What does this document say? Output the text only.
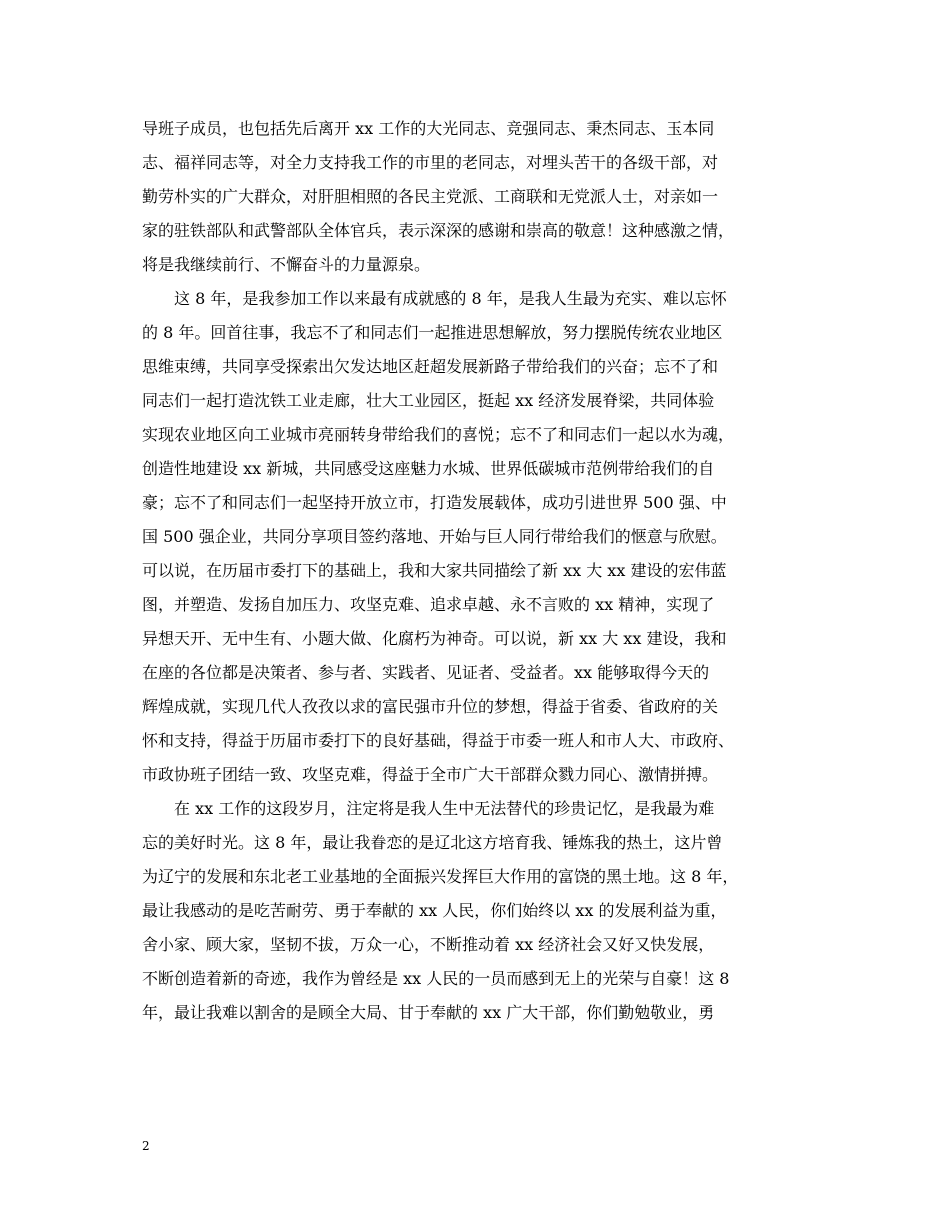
导班子成员，也包括先后离开 xx 工作的大光同志、竞强同志、秉杰同志、玉本同
志、福祥同志等，对全力支持我工作的市里的老同志，对埋头苦干的各级干部，对
勤劳朴实的广大群众，对肝胆相照的各民主党派、工商联和无党派人士，对亲如一
家的驻铁部队和武警部队全体官兵，表示深深的感谢和崇高的敬意！这种感激之情，
将是我继续前行、不懈奋斗的力量源泉。
　　这 8 年，是我参加工作以来最有成就感的 8 年，是我人生最为充实、难以忘怀
的 8 年。回首往事，我忘不了和同志们一起推进思想解放，努力摆脱传统农业地区
思维束缚，共同享受探索出欠发达地区赶超发展新路子带给我们的兴奋；忘不了和
同志们一起打造沈铁工业走廊，壮大工业园区，挺起 xx 经济发展脊梁，共同体验
实现农业地区向工业城市亮丽转身带给我们的喜悦；忘不了和同志们一起以水为魂，
创造性地建设 xx 新城，共同感受这座魅力水城、世界低碳城市范例带给我们的自
豪；忘不了和同志们一起坚持开放立市，打造发展载体，成功引进世界 500 强、中
国 500 强企业，共同分享项目签约落地、开始与巨人同行带给我们的惬意与欣慰。
可以说，在历届市委打下的基础上，我和大家共同描绘了新 xx 大 xx 建设的宏伟蓝
图，并塑造、发扬自加压力、攻坚克难、追求卓越、永不言败的 xx 精神，实现了
异想天开、无中生有、小题大做、化腐朽为神奇。可以说，新 xx 大 xx 建设，我和
在座的各位都是决策者、参与者、实践者、见证者、受益者。xx 能够取得今天的
辉煌成就，实现几代人孜孜以求的富民强市升位的梦想，得益于省委、省政府的关
怀和支持，得益于历届市委打下的良好基础，得益于市委一班人和市人大、市政府、
市政协班子团结一致、攻坚克难，得益于全市广大干部群众戮力同心、激情拼搏。
　　在 xx 工作的这段岁月，注定将是我人生中无法替代的珍贵记忆，是我最为难
忘的美好时光。这 8 年，最让我眷恋的是辽北这方培育我、锤炼我的热土，这片曾
为辽宁的发展和东北老工业基地的全面振兴发挥巨大作用的富饶的黑土地。这 8 年，
最让我感动的是吃苦耐劳、勇于奉献的 xx 人民，你们始终以 xx 的发展利益为重，
舍小家、顾大家，坚韧不拔，万众一心，不断推动着 xx 经济社会又好又快发展，
不断创造着新的奇迹，我作为曾经是 xx 人民的一员而感到无上的光荣与自豪！这 8
年，最让我难以割舍的是顾全大局、甘于奉献的 xx 广大干部，你们勤勉敬业，勇
2
